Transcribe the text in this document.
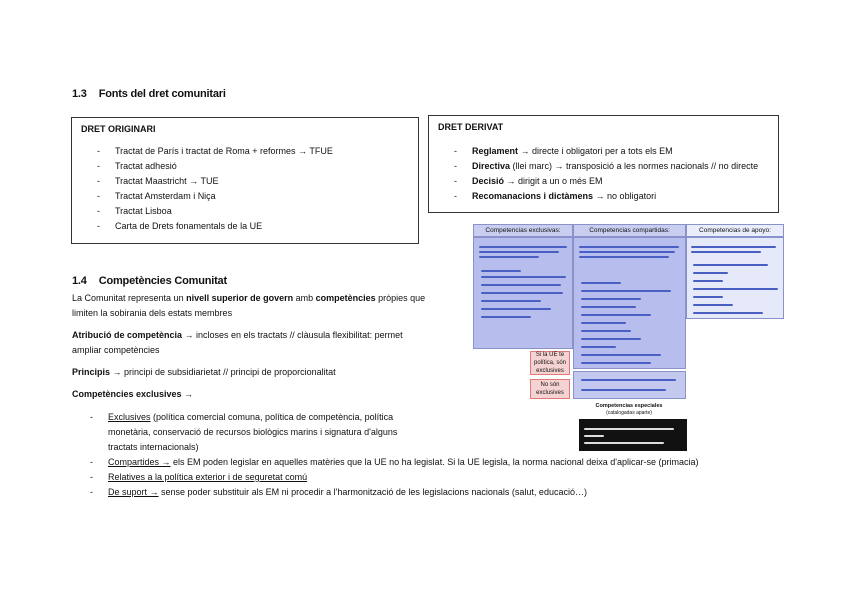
1.3 Fonts del dret comunitari
DRET ORIGINARI
- Tractat de París i tractat de Roma + reformes → TFUE
- Tractat adhesió
- Tractat Maastricht → TUE
- Tractat Amsterdam i Niça
- Tractat Lisboa
- Carta de Drets fonamentals de la UE
DRET DERIVAT
- Reglament → directe i obligatori per a tots els EM
- Directiva (llei marc) → transposició a les normes nacionals // no directe
- Decisió → dirigit a un o més EM
- Recomanacions i dictàmens → no obligatori
1.4 Competències Comunitat
La Comunitat representa un nivell superior de govern amb competències pròpies que
limiten la sobirania dels estats membres
Atribució de competència → incloses en els tractats // clàusula flexibilitat: permet
ampliar competències
Principis → principi de subsidiarietat // principi de proporcionalitat
Competències exclusives →
- Exclusives (política comercial comuna, política de competència, política
monetària, conservació de recursos biològics marins i signatura d'alguns
tractats internacionals)
- Compartides → els EM poden legislar en aquelles matèries que la UE no ha legislat. Si la UE legisla, la norma nacional deixa d'aplicar-se (primacia)
- Relatives a la política exterior i de seguretat comú
- De suport → sense poder substituir als EM ni procedir a l'harmonització de les legislacions nacionals (salut, educació…)
Competencias exclusivas:	Competencias compartidas:	Competencias de apoyo:
Si la UE te política, són exclusives
No són exclusives
Competencias especiales
(catalogadas aparte)
